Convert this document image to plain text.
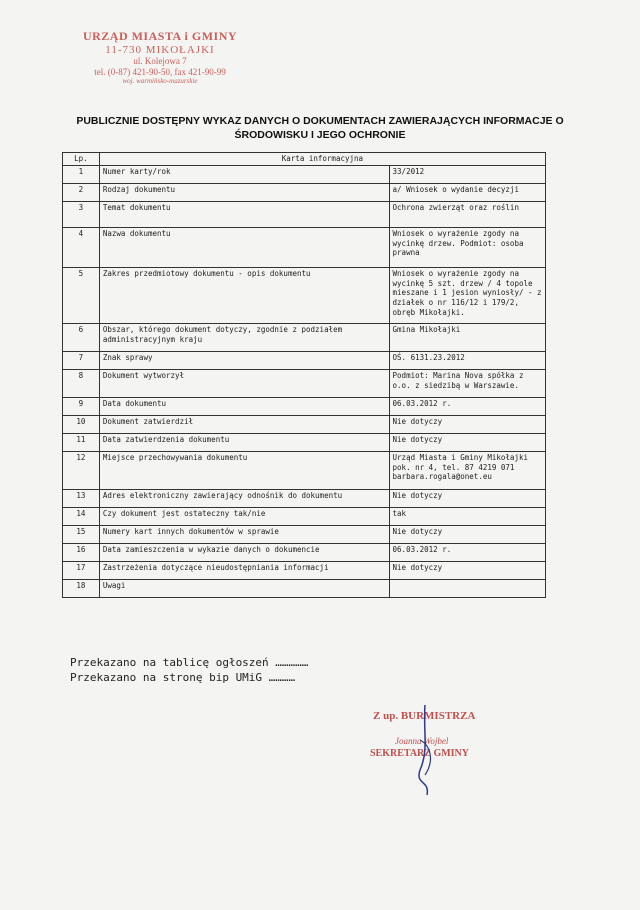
URZĄD MIASTA i GMINY
11-730 MIKOŁAJKI
ul. Kolejowa 7
tel. (0-87) 421-90-50, fax 421-90-99
woj. warmińsko-mazurskie
PUBLICZNIE DOSTĘPNY WYKAZ DANYCH O DOKUMENTACH ZAWIERAJĄCYCH INFORMACJE O
ŚRODOWISKU I JEGO OCHRONIE
Lp.	Karta informacyjna	
1	Numer karty/rok	33/2012
2	Rodzaj dokumentu	a/ Wniosek o wydanie decyzji
3	Temat dokumentu	Ochrona zwierząt oraz roślin
4	Nazwa dokumentu	Wniosek o wyrażenie zgody na wycinkę drzew. Podmiot: osoba prawna
5	Zakres przedmiotowy dokumentu - opis dokumentu	Wniosek o wyrażenie zgody na wycinkę 5 szt. drzew / 4 topole mieszane i 1 jesion wyniosły/ - z działek o nr 116/12 i 179/2, obręb Mikołajki.
6	Obszar, którego dokument dotyczy, zgodnie z podziałem administracyjnym kraju	Gmina Mikołajki
7	Znak sprawy	OŚ. 6131.23.2012
8	Dokument wytworzył	Podmiot: Marina Nova spółka z o.o. z siedzibą w Warszawie.
9	Data dokumentu	06.03.2012 r.
10	Dokument zatwierdził	Nie dotyczy
11	Data zatwierdzenia dokumentu	Nie dotyczy
12	Miejsce przechowywania dokumentu	Urząd Miasta i Gminy Mikołajki pok. nr 4, tel. 87 4219 071 barbara.rogala@onet.eu
13	Adres elektroniczny zawierający odnośnik do dokumentu	Nie dotyczy
14	Czy dokument jest ostateczny tak/nie	tak
15	Numery kart innych dokumentów w sprawie	Nie dotyczy
16	Data zamieszczenia w wykazie danych o dokumencie	06.03.2012 r.
17	Zastrzeżenia dotyczące nieudostępniania informacji	Nie dotyczy
18	Uwagi	
Przekazano na tablicę ogłoszeń ……………
Przekazano na stronę bip UMiG …………
Z up. BURMISTRZA
Joanna Wojbel
SEKRETARZ GMINY
